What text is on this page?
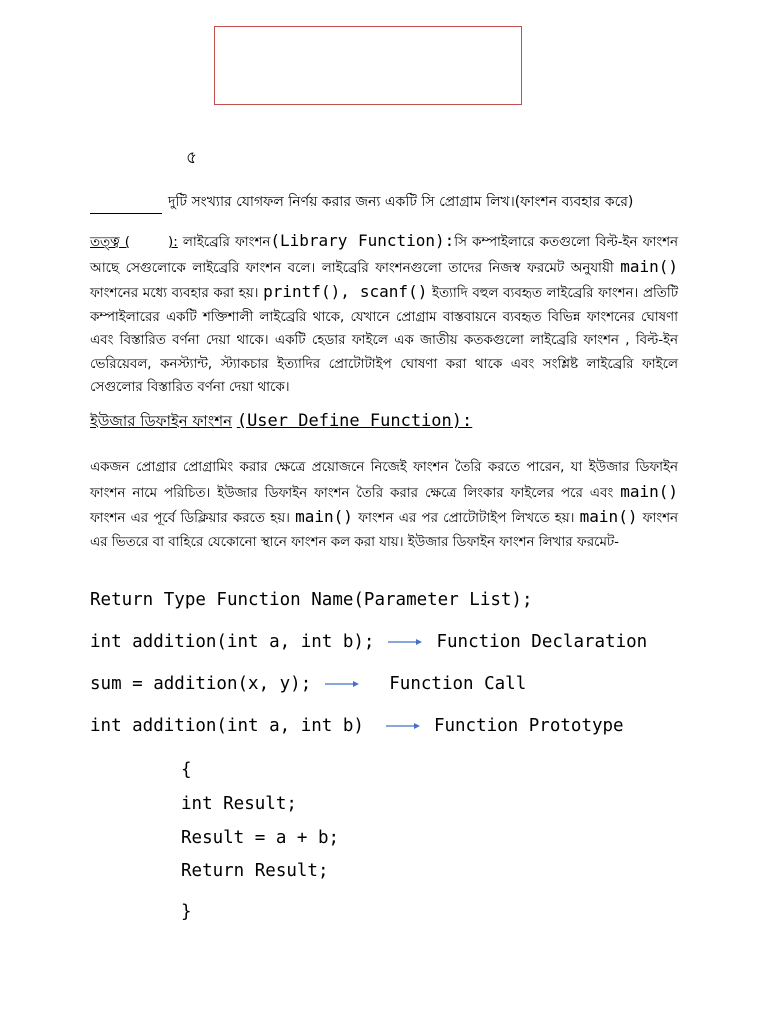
৫
দুটি সংখ্যার যোগফল নির্ণয় করার জন্য একটি সি প্রোগ্রাম লিখ।(ফাংশন ব্যবহার করে)
তত্ত্ব (	): লাইব্রেরি ফাংশন(Library Function):সি কম্পাইলারে কতগুলো বিল্ট-ইন ফাংশন আছে সেগুলোকে লাইব্রেরি ফাংশন বলে। লাইব্রেরি ফাংশনগুলো তাদের নিজস্ব ফরমেট অনুযায়ী main() ফাংশনের মধ্যে ব্যবহার করা হয়। printf(), scanf() ইত্যাদি বহুল ব্যবহৃত লাইব্রেরি ফাংশন। প্রতিটি কম্পাইলারের একটি শক্তিশালী লাইব্রেরি থাকে, যেখানে প্রোগ্রাম বাস্তবায়নে ব্যবহৃত বিভিন্ন ফাংশনের ঘোষণা এবং বিস্তারিত বর্ণনা দেয়া থাকে। একটি হেডার ফাইলে এক জাতীয় কতকগুলো লাইব্রেরি ফাংশন , বিল্ট-ইন ভেরিয়েবল, কনস্ট্যান্ট, স্ট্যাকচার ইত্যাদির প্রোটোটাইপ ঘোষণা করা থাকে এবং সংশ্লিষ্ট লাইব্রেরি ফাইলে সেগুলোর বিস্তারিত বর্ণনা দেয়া থাকে।
ইউজার ডিফাইন ফাংশন (User Define Function):
একজন প্রোগ্রার প্রোগ্রামিং করার ক্ষেত্রে প্রয়োজনে নিজেই ফাংশন তৈরি করতে পারেন, যা ইউজার ডিফাইন ফাংশন নামে পরিচিত। ইউজার ডিফাইন ফাংশন তৈরি করার ক্ষেত্রে লিংকার ফাইলের পরে এবং main() ফাংশন এর পূর্বে ডিক্লিয়ার করতে হয়। main() ফাংশন এর পর প্রোটোটাইপ লিখতে হয়। main() ফাংশন এর ভিতরে বা বাহিরে যেকোনো স্থানে ফাংশন কল করা যায়। ইউজার ডিফাইন ফাংশন লিখার ফরমেট-
Return Type Function Name(Parameter List);
int addition(int a, int b);	Function Declaration
sum = addition(x, y);	Function Call
int addition(int a, int b)	Function Prototype
{
int Result;
Result = a + b;
Return Result;
}
